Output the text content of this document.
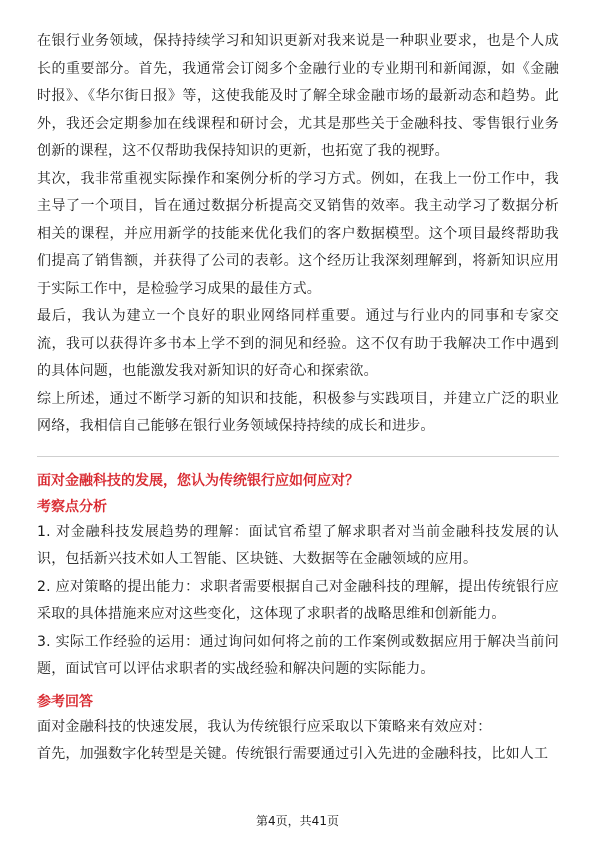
在银行业务领域，保持持续学习和知识更新对我来说是一种职业要求，也是个人成长的重要部分。首先，我通常会订阅多个金融行业的专业期刊和新闻源，如《金融时报》、《华尔街日报》等，这使我能及时了解全球金融市场的最新动态和趋势。此外，我还会定期参加在线课程和研讨会，尤其是那些关于金融科技、零售银行业务创新的课程，这不仅帮助我保持知识的更新，也拓宽了我的视野。

其次，我非常重视实际操作和案例分析的学习方式。例如，在我上一份工作中，我主导了一个项目，旨在通过数据分析提高交叉销售的效率。我主动学习了数据分析相关的课程，并应用新学的技能来优化我们的客户数据模型。这个项目最终帮助我们提高了销售额，并获得了公司的表彰。这个经历让我深刻理解到，将新知识应用于实际工作中，是检验学习成果的最佳方式。

最后，我认为建立一个良好的职业网络同样重要。通过与行业内的同事和专家交流，我可以获得许多书本上学不到的洞见和经验。这不仅有助于我解决工作中遇到的具体问题，也能激发我对新知识的好奇心和探索欲。

综上所述，通过不断学习新的知识和技能，积极参与实践项目，并建立广泛的职业网络，我相信自己能够在银行业务领域保持持续的成长和进步。

面对金融科技的发展，您认为传统银行应如何应对？

考察点分析

1. 对金融科技发展趋势的理解：面试官希望了解求职者对当前金融科技发展的认识，包括新兴技术如人工智能、区块链、大数据等在金融领域的应用。

2. 应对策略的提出能力：求职者需要根据自己对金融科技的理解，提出传统银行应采取的具体措施来应对这些变化，这体现了求职者的战略思维和创新能力。

3. 实际工作经验的运用：通过询问如何将之前的工作案例或数据应用于解决当前问题，面试官可以评估求职者的实战经验和解决问题的实际能力。

参考回答

面对金融科技的快速发展，我认为传统银行应采取以下策略来有效应对：

首先，加强数字化转型是关键。传统银行需要通过引入先进的金融科技，比如人工

第4页，共41页
